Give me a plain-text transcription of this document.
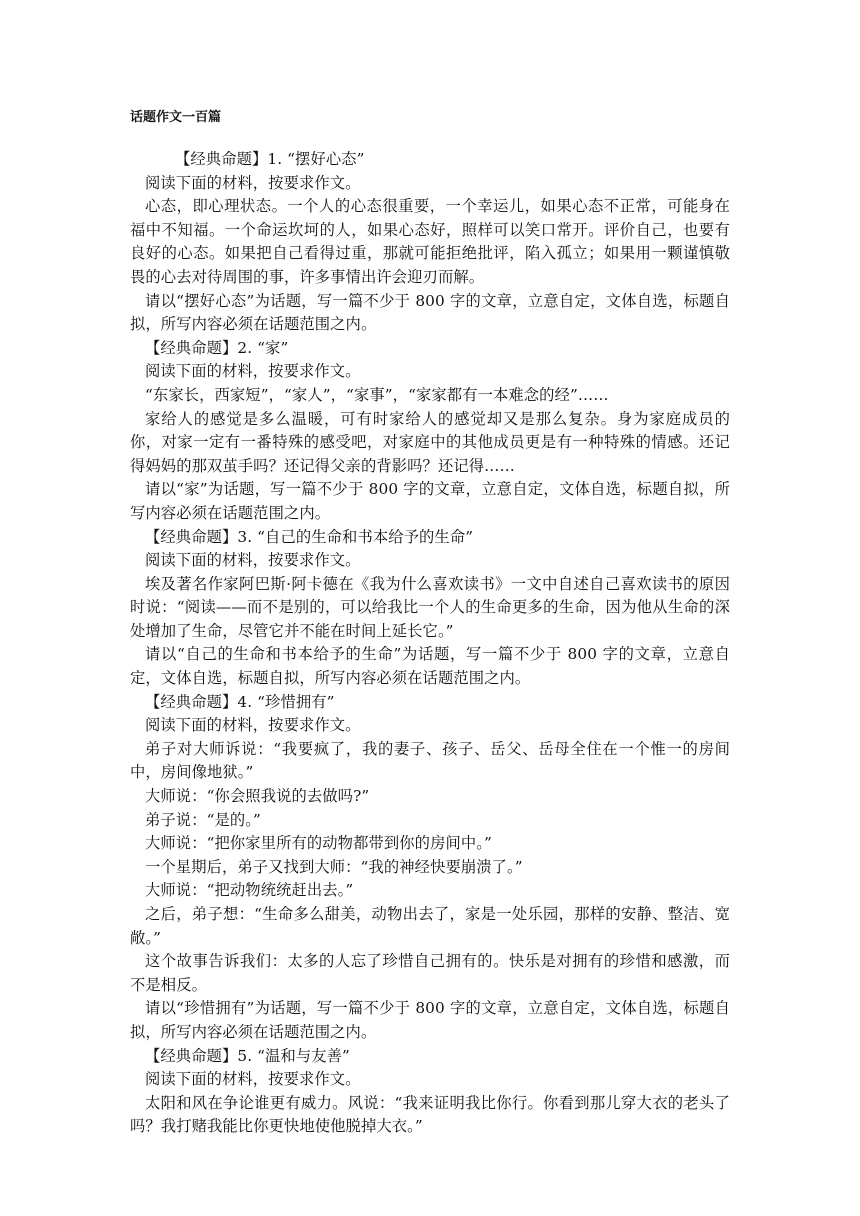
话题作文一百篇

【经典命题】1. “摆好心态”

阅读下面的材料，按要求作文。

心态，即心理状态。一个人的心态很重要，一个幸运儿，如果心态不正常，可能身在福中不知福。一个命运坎坷的人，如果心态好，照样可以笑口常开。评价自己，也要有良好的心态。如果把自己看得过重，那就可能拒绝批评，陷入孤立；如果用一颗谨慎敬畏的心去对待周围的事，许多事情出许会迎刃而解。

请以“摆好心态”为话题，写一篇不少于 800 字的文章，立意自定，文体自选，标题自拟，所写内容必须在话题范围之内。

【经典命题】2. “家”

阅读下面的材料，按要求作文。

“东家长，西家短”，“家人”，“家事”，“家家都有一本难念的经”……

家给人的感觉是多么温暖，可有时家给人的感觉却又是那么复杂。身为家庭成员的你，对家一定有一番特殊的感受吧，对家庭中的其他成员更是有一种特殊的情感。还记得妈妈的那双茧手吗？还记得父亲的背影吗？还记得……

请以“家”为话题，写一篇不少于 800 字的文章，立意自定，文体自选，标题自拟，所写内容必须在话题范围之内。

【经典命题】3. “自己的生命和书本给予的生命”

阅读下面的材料，按要求作文。

埃及著名作家阿巴斯·阿卡德在《我为什么喜欢读书》一文中自述自己喜欢读书的原因时说：“阅读——而不是别的，可以给我比一个人的生命更多的生命，因为他从生命的深处增加了生命，尽管它并不能在时间上延长它。”

请以“自己的生命和书本给予的生命”为话题，写一篇不少于 800 字的文章，立意自定，文体自选，标题自拟，所写内容必须在话题范围之内。

【经典命题】4. “珍惜拥有”

阅读下面的材料，按要求作文。

弟子对大师诉说：“我要疯了，我的妻子、孩子、岳父、岳母全住在一个惟一的房间中，房间像地狱。”

大师说：“你会照我说的去做吗?”

弟子说：“是的。”

大师说：“把你家里所有的动物都带到你的房间中。”

一个星期后，弟子又找到大师：“我的神经快要崩溃了。”

大师说：“把动物统统赶出去。”

之后，弟子想：“生命多么甜美，动物出去了，家是一处乐园，那样的安静、整洁、宽敞。”

这个故事告诉我们：太多的人忘了珍惜自己拥有的。快乐是对拥有的珍惜和感激，而不是相反。

请以“珍惜拥有”为话题，写一篇不少于 800 字的文章，立意自定，文体自选，标题自拟，所写内容必须在话题范围之内。

【经典命题】5. “温和与友善”

阅读下面的材料，按要求作文。

太阳和风在争论谁更有威力。风说：“我来证明我比你行。你看到那儿穿大衣的老头了吗？我打赌我能比你更快地使他脱掉大衣。”
